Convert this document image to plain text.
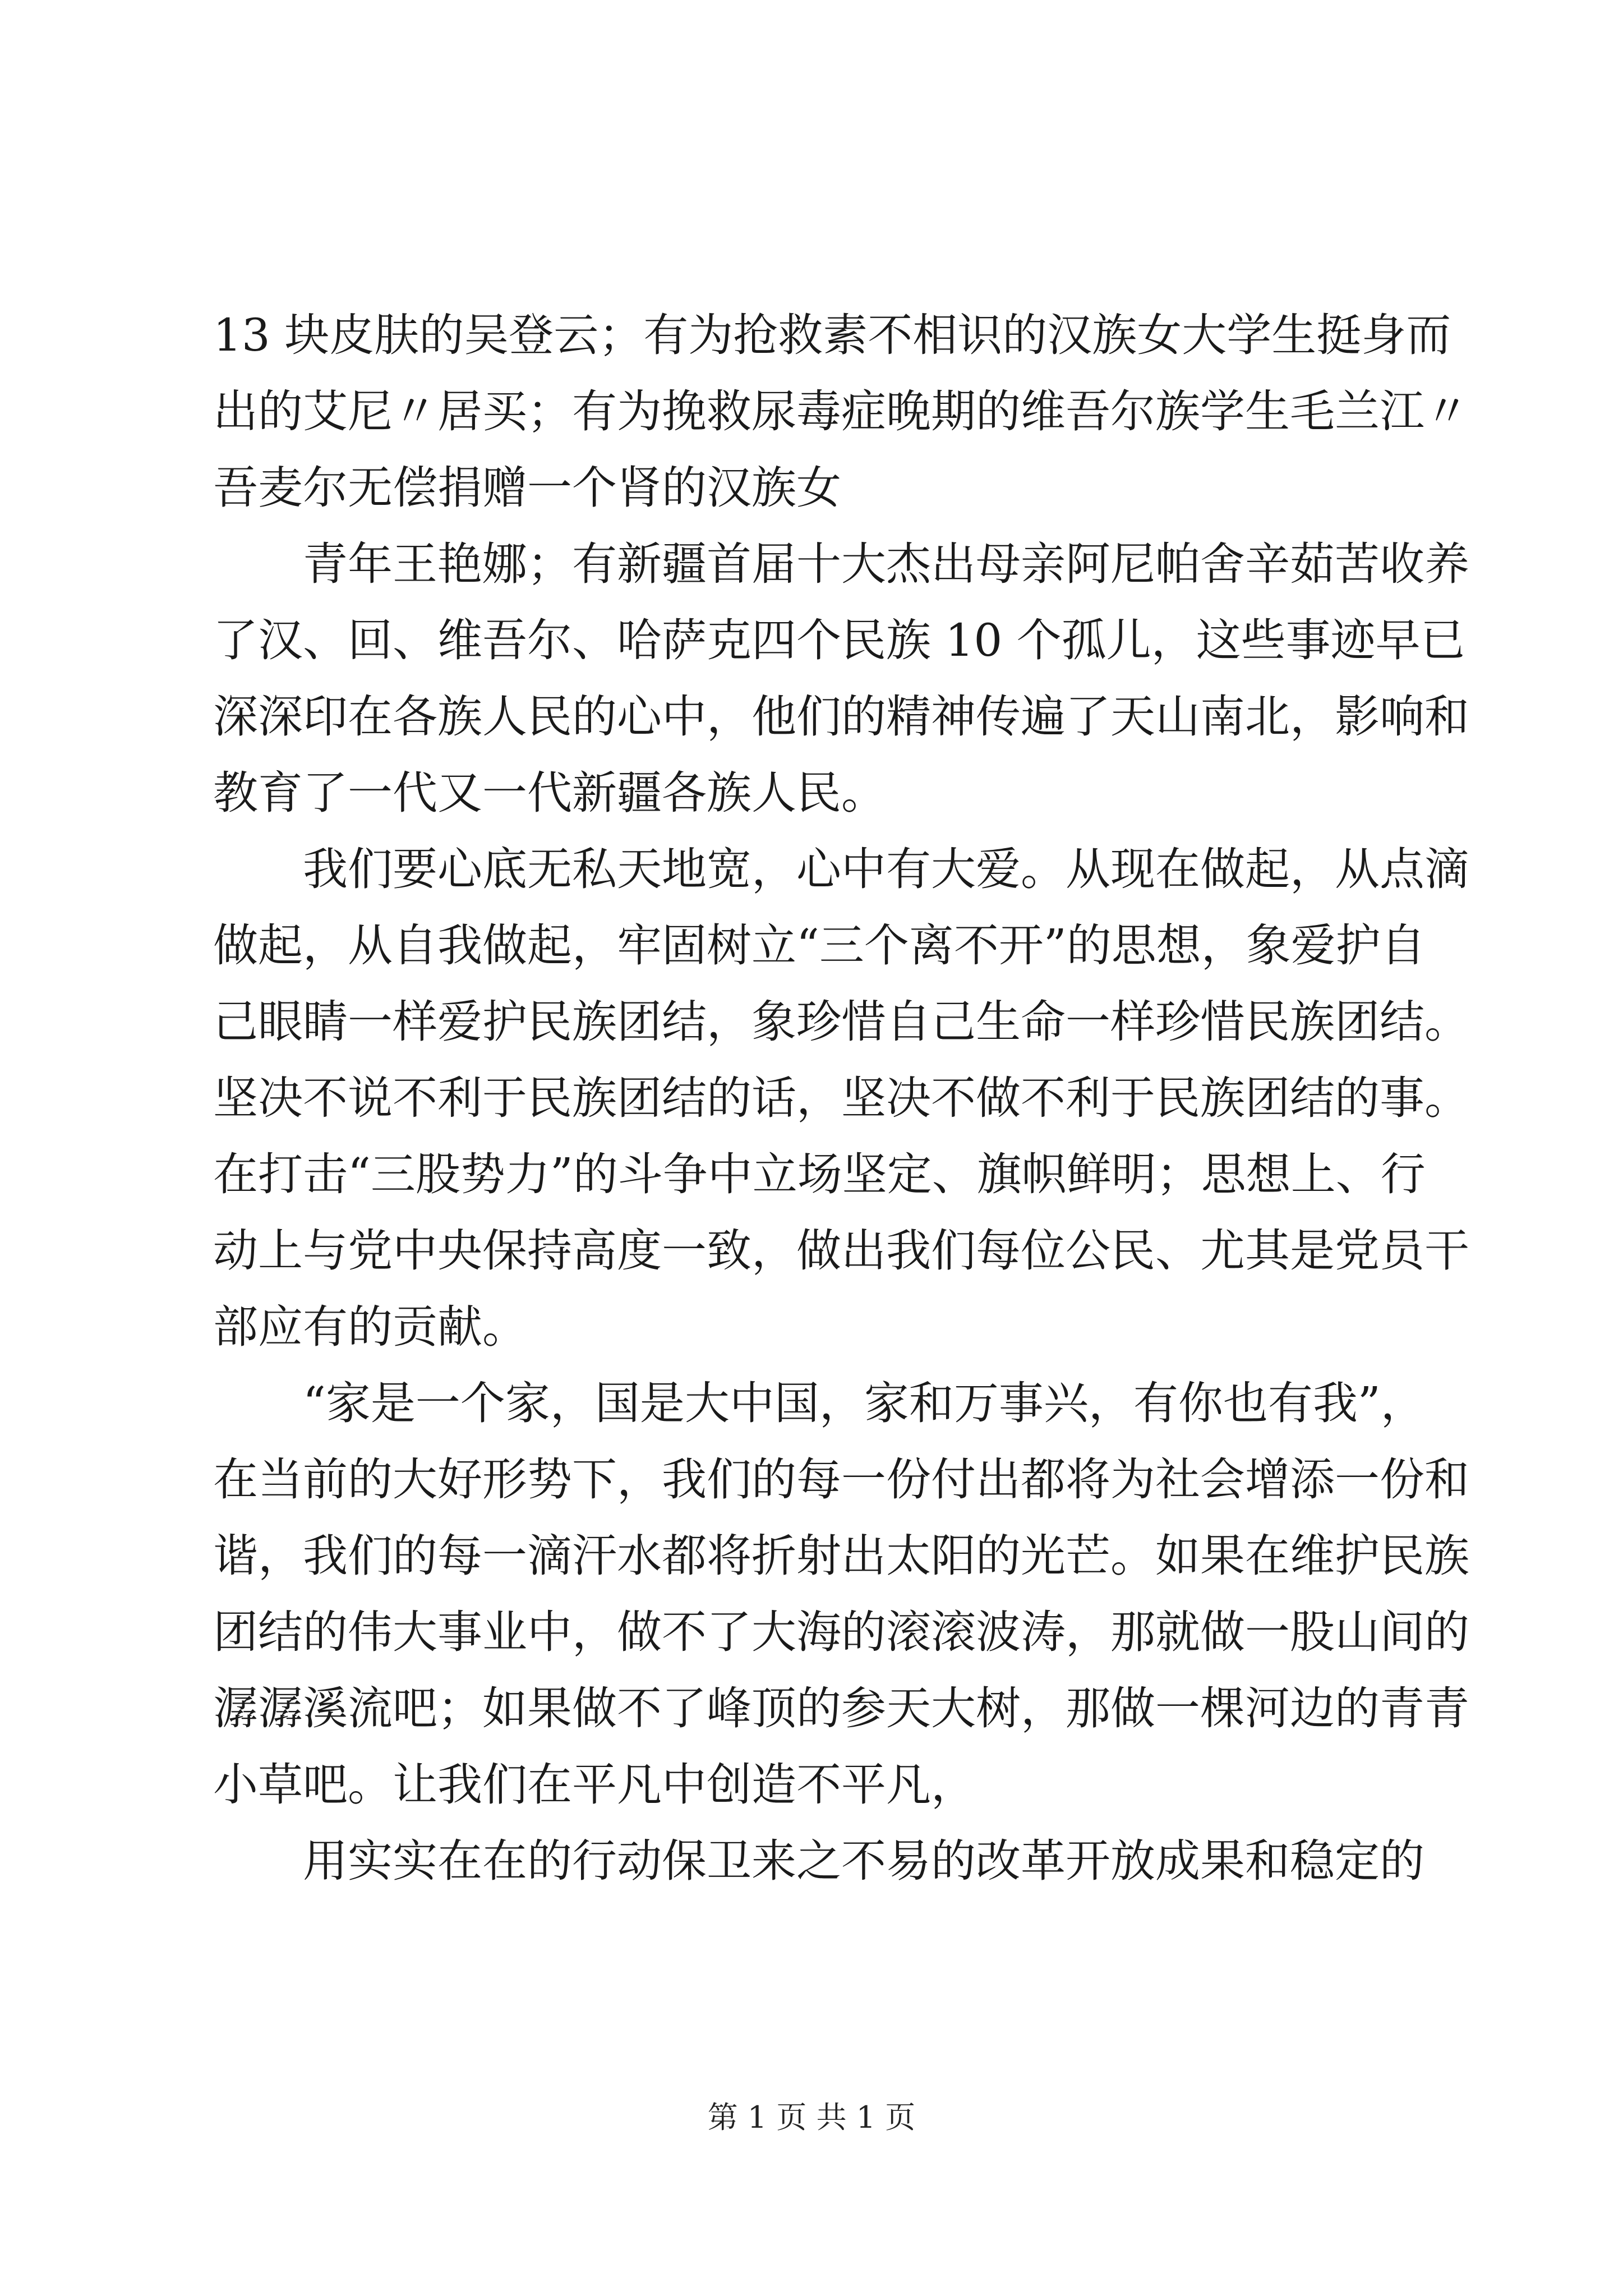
13 块皮肤的吴登云；有为抢救素不相识的汉族女大学生挺身而
出的艾尼〃居买；有为挽救尿毒症晚期的维吾尔族学生毛兰江〃
吾麦尔无偿捐赠一个肾的汉族女
　　青年王艳娜；有新疆首届十大杰出母亲阿尼帕舍辛茹苦收养
了汉、回、维吾尔、哈萨克四个民族 10 个孤儿，这些事迹早已
深深印在各族人民的心中，他们的精神传遍了天山南北，影响和
教育了一代又一代新疆各族人民。
　　我们要心底无私天地宽，心中有大爱。从现在做起，从点滴
做起，从自我做起，牢固树立“三个离不开”的思想，象爱护自
己眼睛一样爱护民族团结，象珍惜自己生命一样珍惜民族团结。
坚决不说不利于民族团结的话，坚决不做不利于民族团结的事。
在打击“三股势力”的斗争中立场坚定、旗帜鲜明；思想上、行
动上与党中央保持高度一致，做出我们每位公民、尤其是党员干
部应有的贡献。
　　“家是一个家，国是大中国，家和万事兴，有你也有我”，
在当前的大好形势下，我们的每一份付出都将为社会增添一份和
谐，我们的每一滴汗水都将折射出太阳的光芒。如果在维护民族
团结的伟大事业中，做不了大海的滚滚波涛，那就做一股山间的
潺潺溪流吧；如果做不了峰顶的参天大树，那做一棵河边的青青
小草吧。让我们在平凡中创造不平凡，
　　用实实在在的行动保卫来之不易的改革开放成果和稳定的
第 1 页 共 1 页
